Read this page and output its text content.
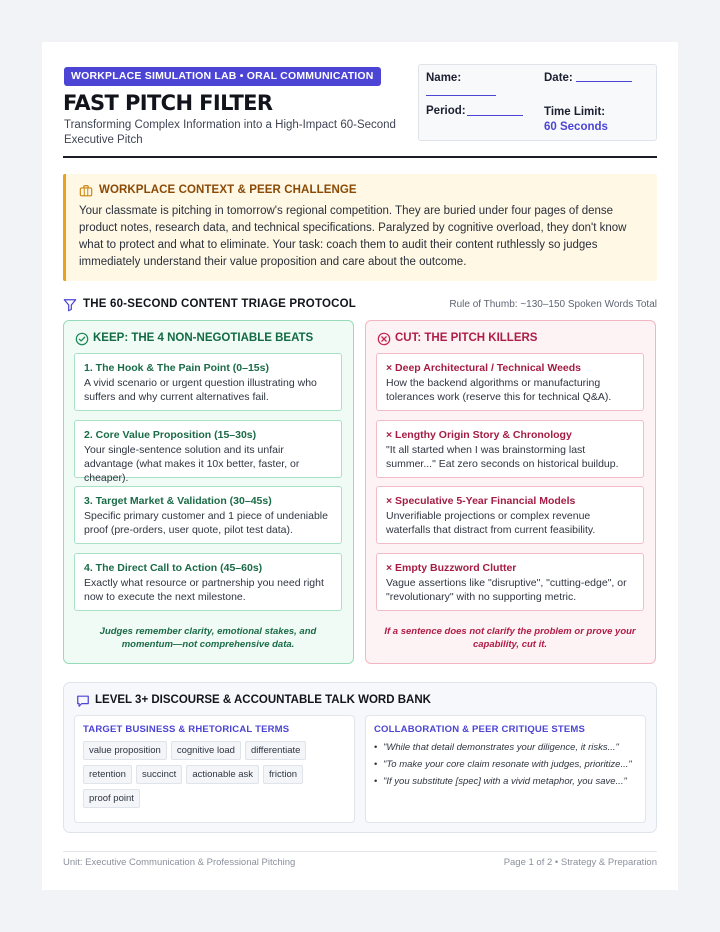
WORKPLACE SIMULATION LAB • ORAL COMMUNICATION
FAST PITCH FILTER
Transforming Complex Information into a High-Impact 60-Second Executive Pitch
Name:	Date:
Period:	Time Limit:
60 Seconds
WORKPLACE CONTEXT & PEER CHALLENGE
Your classmate is pitching in tomorrow's regional competition. They are buried under four pages of dense product notes, research data, and technical specifications. Paralyzed by cognitive overload, they don't know what to protect and what to eliminate. Your task: coach them to audit their content ruthlessly so judges immediately understand their value proposition and care about the outcome.
THE 60-SECOND CONTENT TRIAGE PROTOCOL	Rule of Thumb: ~130–150 Spoken Words Total
KEEP: THE 4 NON-NEGOTIABLE BEATS
1. The Hook & The Pain Point (0–15s)
A vivid scenario or urgent question illustrating who suffers and why current alternatives fail.
2. Core Value Proposition (15–30s)
Your single-sentence solution and its unfair advantage (what makes it 10x better, faster, or cheaper).
3. Target Market & Validation (30–45s)
Specific primary customer and 1 piece of undeniable proof (pre-orders, user quote, pilot test data).
4. The Direct Call to Action (45–60s)
Exactly what resource or partnership you need right now to execute the next milestone.
Judges remember clarity, emotional stakes, and momentum—not comprehensive data.
CUT: THE PITCH KILLERS
× Deep Architectural / Technical Weeds
How the backend algorithms or manufacturing tolerances work (reserve this for technical Q&A).
× Lengthy Origin Story & Chronology
"It all started when I was brainstorming last summer..." Eat zero seconds on historical buildup.
× Speculative 5-Year Financial Models
Unverifiable projections or complex revenue waterfalls that distract from current feasibility.
× Empty Buzzword Clutter
Vague assertions like "disruptive", "cutting-edge", or "revolutionary" with no supporting metric.
If a sentence does not clarify the problem or prove your capability, cut it.
LEVEL 3+ DISCOURSE & ACCOUNTABLE TALK WORD BANK
TARGET BUSINESS & RHETORICAL TERMS
value proposition	cognitive load	differentiate
retention	succinct	actionable ask	friction
proof point
COLLABORATION & PEER CRITIQUE STEMS
• "While that detail demonstrates your diligence, it risks..."
• "To make your core claim resonate with judges, prioritize..."
• "If you substitute [spec] with a vivid metaphor, you save..."
Unit: Executive Communication & Professional Pitching	Page 1 of 2 • Strategy & Preparation
